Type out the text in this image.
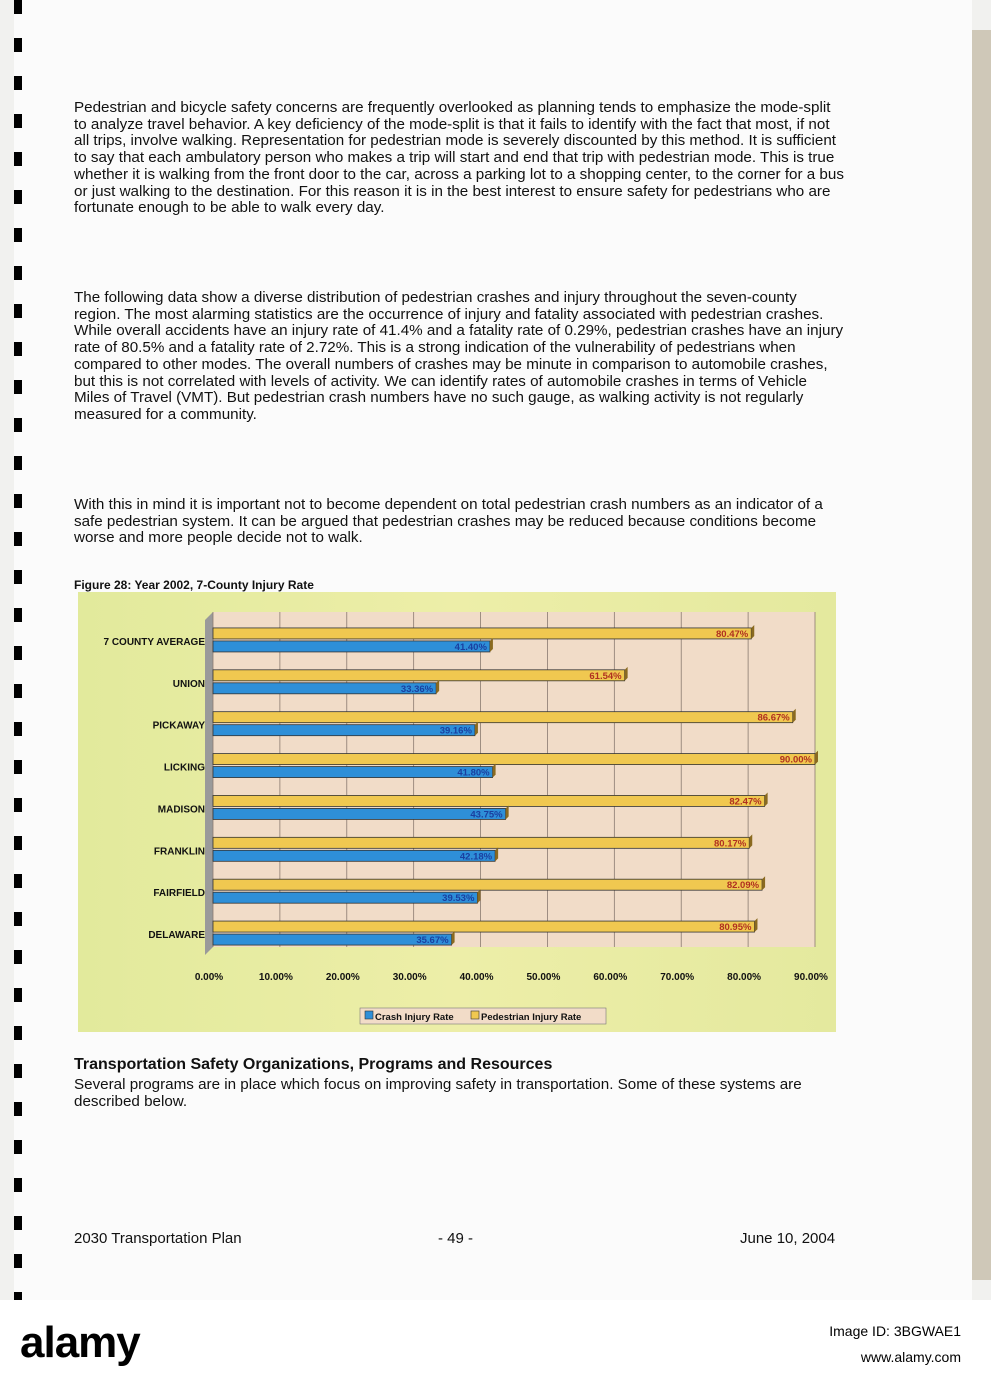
Pedestrian and bicycle safety concerns are frequently overlooked as planning tends to emphasize the mode-split to analyze travel behavior. A key deficiency of the mode-split is that it fails to identify with the fact that most, if not all trips, involve walking. Representation for pedestrian mode is severely discounted by this method. It is sufficient to say that each ambulatory person who makes a trip will start and end that trip with pedestrian mode. This is true whether it is walking from the front door to the car, across a parking lot to a shopping center, to the corner for a bus or just walking to the destination. For this reason it is in the best interest to ensure safety for pedestrians who are fortunate enough to be able to walk every day.

The following data show a diverse distribution of pedestrian crashes and injury throughout the seven-county region. The most alarming statistics are the occurrence of injury and fatality associated with pedestrian crashes. While overall accidents have an injury rate of 41.4% and a fatality rate of 0.29%, pedestrian crashes have an injury rate of 80.5% and a fatality rate of 2.72%. This is a strong indication of the vulnerability of pedestrians when compared to other modes. The overall numbers of crashes may be minute in comparison to automobile crashes, but this is not correlated with levels of activity. We can identify rates of automobile crashes in terms of Vehicle Miles of Travel (VMT). But pedestrian crash numbers have no such gauge, as walking activity is not regularly measured for a community.

With this in mind it is important not to become dependent on total pedestrian crash numbers as an indicator of a safe pedestrian system. It can be argued that pedestrian crashes may be reduced because conditions become worse and more people decide not to walk.

Figure 28: Year 2002, 7-County Injury Rate
0.00%	10.00%	20.00%	30.00%	40.00%	50.00%	60.00%	70.00%	80.00%	90.00%
7 COUNTY AVERAGE
80.47%
41.40%
UNION
61.54%
33.36%
PICKAWAY
86.67%
39.16%
LICKING
90.00%
41.80%
MADISON
82.47%
43.75%
FRANKLIN
80.17%
42.18%
FAIRFIELD
82.09%
39.53%
DELAWARE
80.95%
35.67%
Crash Injury Rate	Pedestrian Injury Rate
Transportation Safety Organizations, Programs and Resources

Several programs are in place which focus on improving safety in transportation. Some of these systems are described below.

2030 Transportation Plan	- 49 -	June 10, 2004
alamy	Image ID: 3BGWAE1
www.alamy.com
